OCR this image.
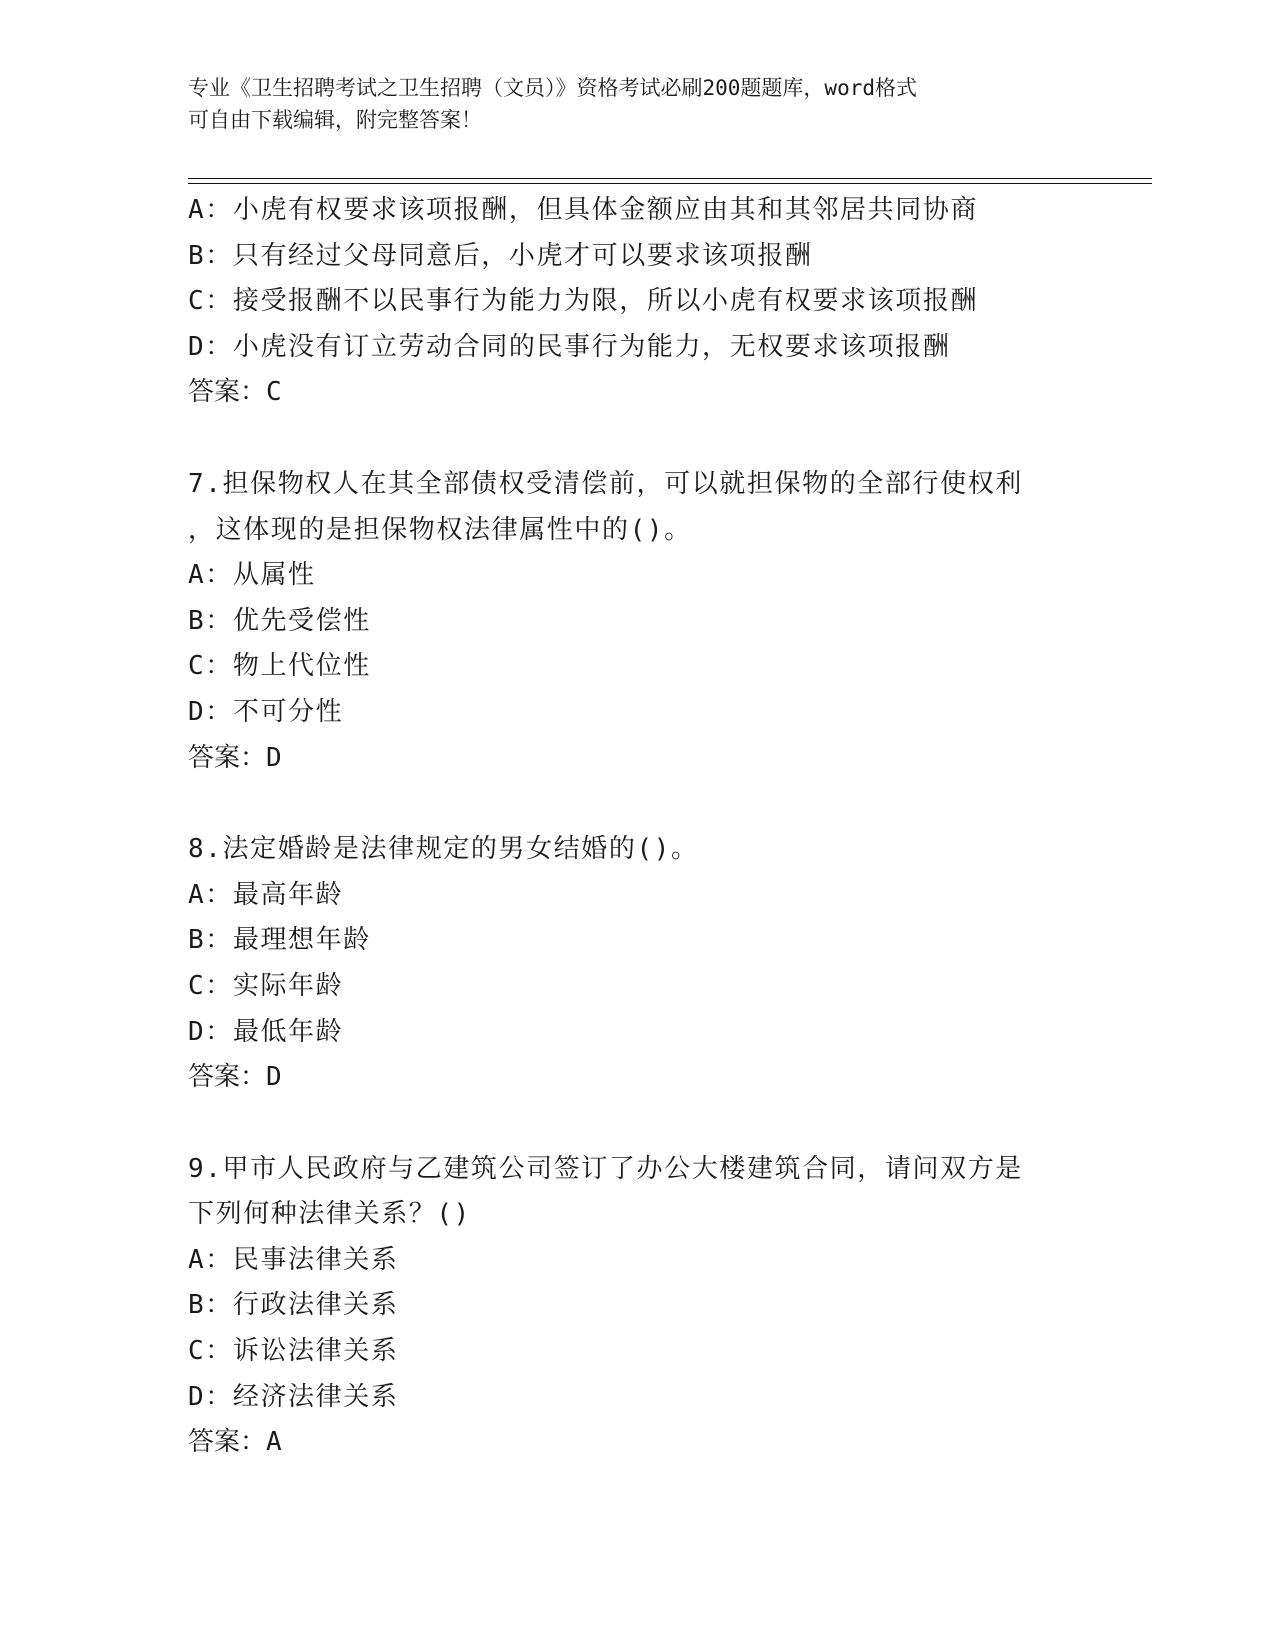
专业《卫生招聘考试之卫生招聘（文员）》资格考试必刷200题题库，word格式
可自由下载编辑，附完整答案！
A：小虎有权要求该项报酬，但具体金额应由其和其邻居共同协商
B：只有经过父母同意后，小虎才可以要求该项报酬
C：接受报酬不以民事行为能力为限，所以小虎有权要求该项报酬
D：小虎没有订立劳动合同的民事行为能力，无权要求该项报酬
答案：C
7.担保物权人在其全部债权受清偿前，可以就担保物的全部行使权利
，这体现的是担保物权法律属性中的()。
A：从属性
B：优先受偿性
C：物上代位性
D：不可分性
答案：D
8.法定婚龄是法律规定的男女结婚的()。
A：最高年龄
B：最理想年龄
C：实际年龄
D：最低年龄
答案：D
9.甲市人民政府与乙建筑公司签订了办公大楼建筑合同，请问双方是
下列何种法律关系？()
A：民事法律关系
B：行政法律关系
C：诉讼法律关系
D：经济法律关系
答案：A
